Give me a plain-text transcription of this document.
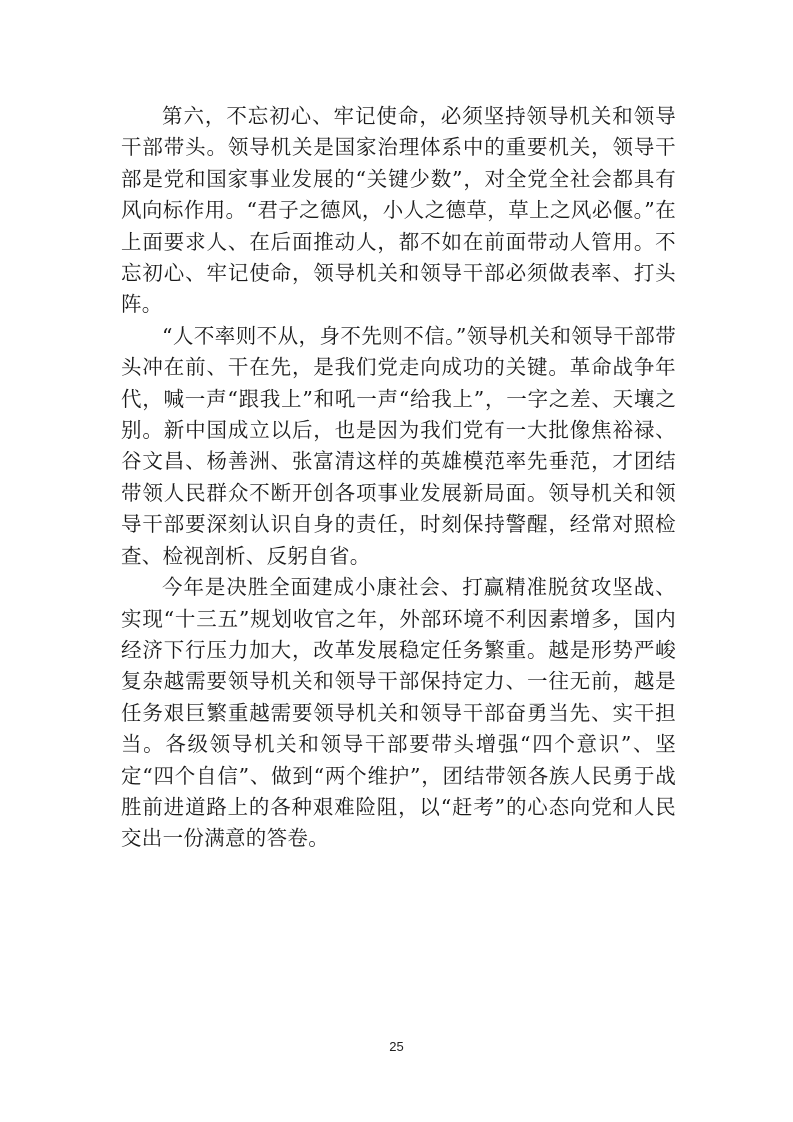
第六，不忘初心、牢记使命，必须坚持领导机关和领导干部带头。领导机关是国家治理体系中的重要机关，领导干部是党和国家事业发展的“关键少数”，对全党全社会都具有风向标作用。“君子之德风，小人之德草，草上之风必偃。”在上面要求人、在后面推动人，都不如在前面带动人管用。不忘初心、牢记使命，领导机关和领导干部必须做表率、打头阵。

“人不率则不从，身不先则不信。”领导机关和领导干部带头冲在前、干在先，是我们党走向成功的关键。革命战争年代，喊一声“跟我上”和吼一声“给我上”，一字之差、天壤之别。新中国成立以后，也是因为我们党有一大批像焦裕禄、谷文昌、杨善洲、张富清这样的英雄模范率先垂范，才团结带领人民群众不断开创各项事业发展新局面。领导机关和领导干部要深刻认识自身的责任，时刻保持警醒，经常对照检查、检视剖析、反躬自省。

今年是决胜全面建成小康社会、打赢精准脱贫攻坚战、实现“十三五”规划收官之年，外部环境不利因素增多，国内经济下行压力加大，改革发展稳定任务繁重。越是形势严峻复杂越需要领导机关和领导干部保持定力、一往无前，越是任务艰巨繁重越需要领导机关和领导干部奋勇当先、实干担当。各级领导机关和领导干部要带头增强“四个意识”、坚定“四个自信”、做到“两个维护”，团结带领各族人民勇于战胜前进道路上的各种艰难险阻，以“赶考”的心态向党和人民交出一份满意的答卷。

25
